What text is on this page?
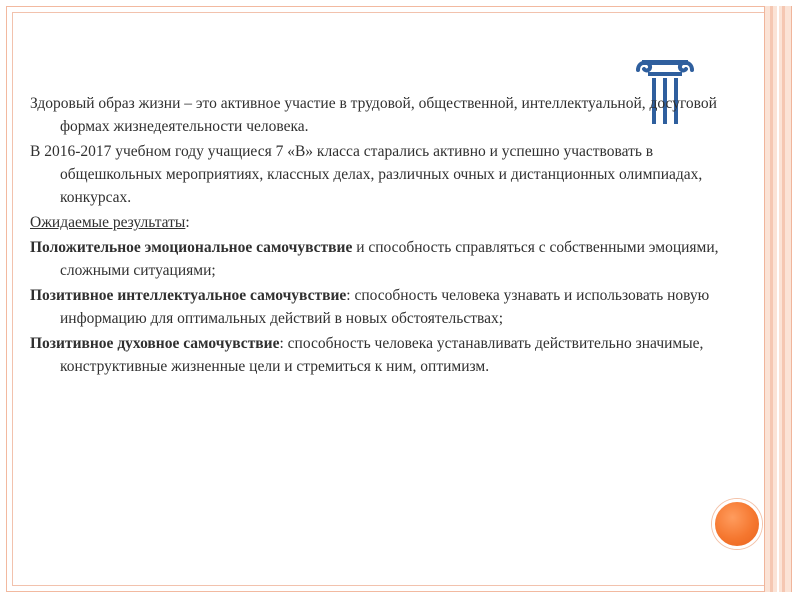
Здоровый образ жизни – это активное участие в трудовой, общественной, интеллектуальной, досуговой формах жизнедеятельности человека.

В 2016-2017 учебном году учащиеся 7 «В» класса старались активно и успешно участвовать в общешкольных мероприятиях, классных делах, различных очных и дистанционных олимпиадах, конкурсах.

Ожидаемые результаты:

Положительное эмоциональное самочувствие и способность справляться с собственными эмоциями, сложными ситуациями;

Позитивное интеллектуальное самочувствие: способность человека узнавать и использовать новую информацию для оптимальных действий в новых обстоятельствах;

Позитивное духовное самочувствие: способность человека устанавливать действительно значимые, конструктивные жизненные цели и стремиться к ним, оптимизм.
